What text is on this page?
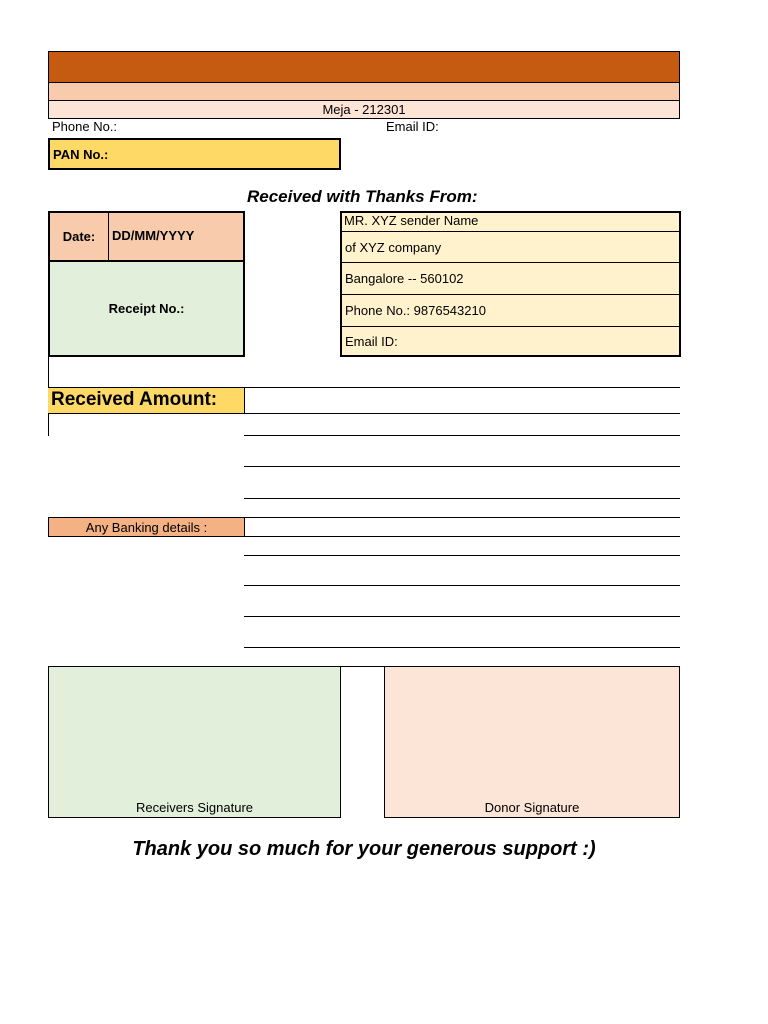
Meja - 212301
Phone No.:	Email ID:
PAN No.:
Received with Thanks From:
Date: DD/MM/YYYY
Receipt No.:
MR. XYZ sender Name
of XYZ company
Bangalore -- 560102
Phone No.: 9876543210
Email ID:
Received Amount:
Any Banking details :
Receivers Signature	Donor Signature
Thank you so much for your generous support :)
